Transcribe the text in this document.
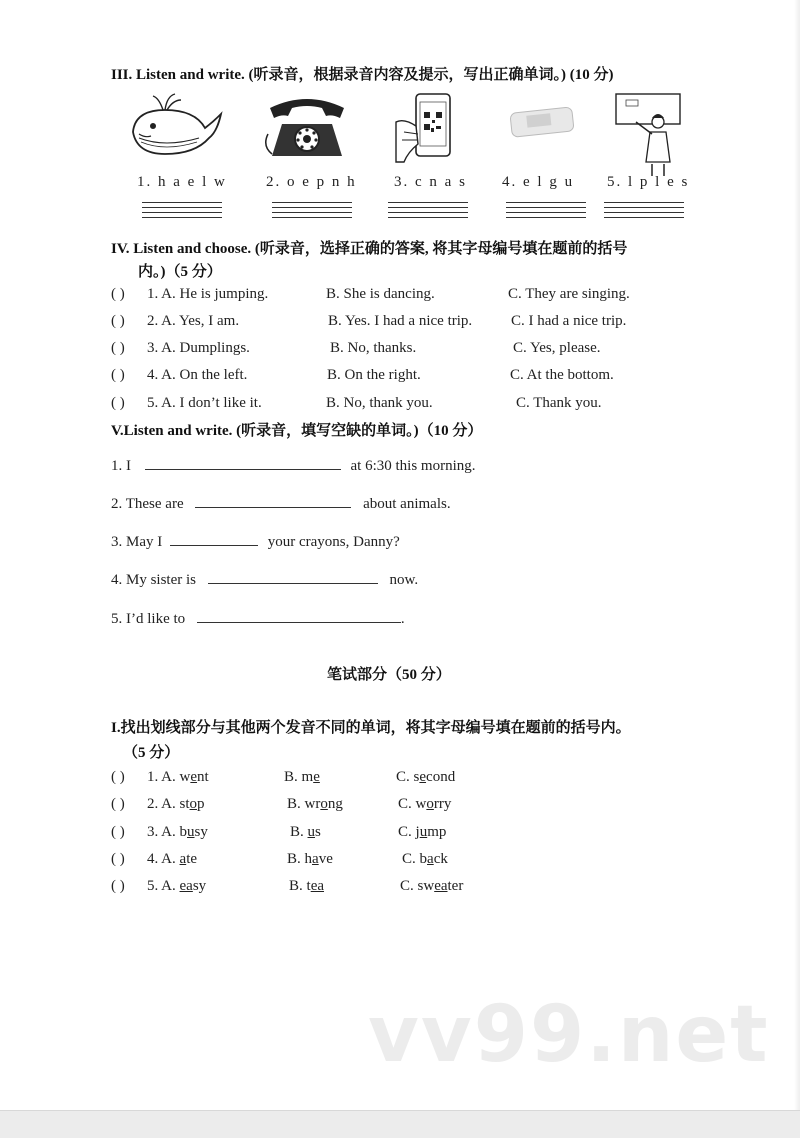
III. Listen and write. (听录音，根据录音内容及提示，写出正确单词。) (10 分)
1. h a e l w	2. o e p n h 3. c n a s 4. e l g u 5. l p l e s
IV. Listen and choose. (听录音，选择正确的答案, 将其字母编号填在题前的括号
内。)（5 分）
( ) 1. A. He is jumping.	B. She is dancing.	C. They are singing.
( ) 2. A. Yes, I am.	B. Yes. I had a nice trip.	C. I had a nice trip.
( ) 3. A. Dumplings.	B. No, thanks.	C. Yes, please.
( ) 4. A. On the left.	B. On the right.	C. At the bottom.
( ) 5. A. I don’t like it.	B. No, thank you.	C. Thank you.
V.Listen and write. (听录音，填写空缺的单词。)（10 分）
1. I	at 6:30 this morning.
2. These are	about animals.
3. May I	your crayons, Danny?
4. My sister is	now.
5. I’d like to	.
笔试部分（50 分）
I.找出划线部分与其他两个发音不同的单词，将其字母编号填在题前的括号内。
（5 分）
( ) 1. A. went	B. me	C. second
( ) 2. A. stop	B. wrong	C. worry
( ) 3. A. busy	B. us	C. jump
( ) 4. A. ate	B. have	C. back
( ) 5. A. easy	B. tea	C. sweater
vv99.net
